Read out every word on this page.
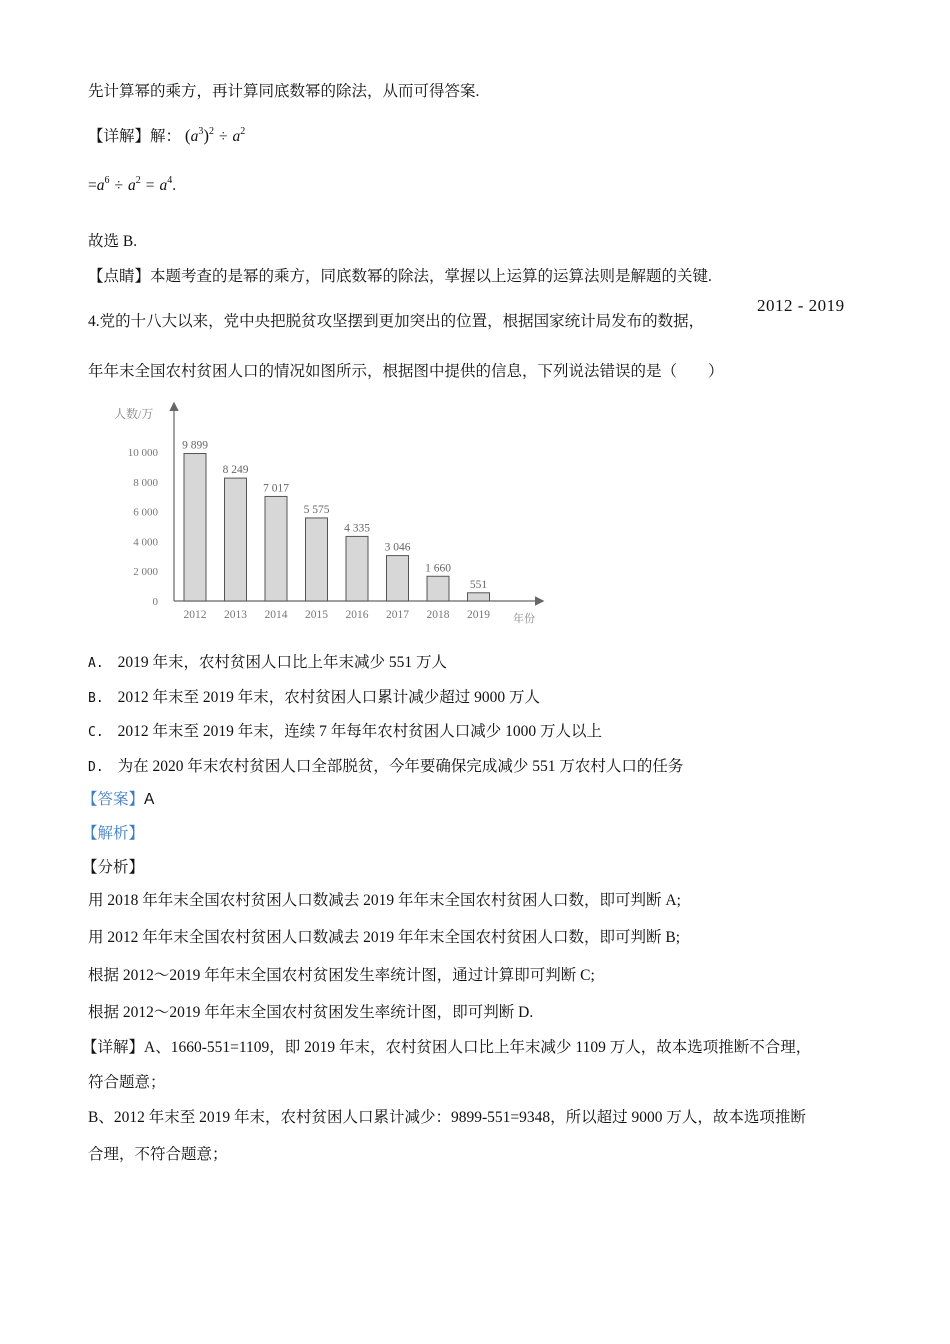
先计算幂的乘方，再计算同底数幂的除法，从而可得答案.
【详解】解： $(a^3)^2 \div a^2$
$=a^6 \div a^2 = a^4$.
故选 B.
【点睛】本题考查的是幂的乘方，同底数幂的除法，掌握以上运算的运算法则是解题的关键.
4.党的十八大以来，党中央把脱贫攻坚摆到更加突出的位置，根据国家统计局发布的数据，
2012 - 2019
年年末全国农村贫困人口的情况如图所示，根据图中提供的信息，下列说法错误的是（　　）
人数/万
年份
0
2 000
4 000
6 000
8 000
10 000
9 899
8 249
7 017
5 575
4 335
3 046
1 660
551
2012 2013 2014 2015 2016 2017 2018 2019
A. 2019 年末，农村贫困人口比上年末减少 551 万人
B. 2012 年末至 2019 年末，农村贫困人口累计减少超过 9000 万人
C. 2012 年末至 2019 年末，连续 7 年每年农村贫困人口减少 1000 万人以上
D. 为在 2020 年末农村贫困人口全部脱贫，今年要确保完成减少 551 万农村人口的任务
【答案】A
【解析】
【分析】
用 2018 年年末全国农村贫困人口数减去 2019 年年末全国农村贫困人口数，即可判断 A;
用 2012 年年末全国农村贫困人口数减去 2019 年年末全国农村贫困人口数，即可判断 B;
根据 2012～2019 年年末全国农村贫困发生率统计图，通过计算即可判断 C;
根据 2012～2019 年年末全国农村贫困发生率统计图，即可判断 D.
【详解】A、1660-551=1109，即 2019 年末，农村贫困人口比上年末减少 1109 万人，故本选项推断不合理，
符合题意；
B、2012 年末至 2019 年末，农村贫困人口累计减少：9899-551=9348，所以超过 9000 万人，故本选项推断
合理，不符合题意；
